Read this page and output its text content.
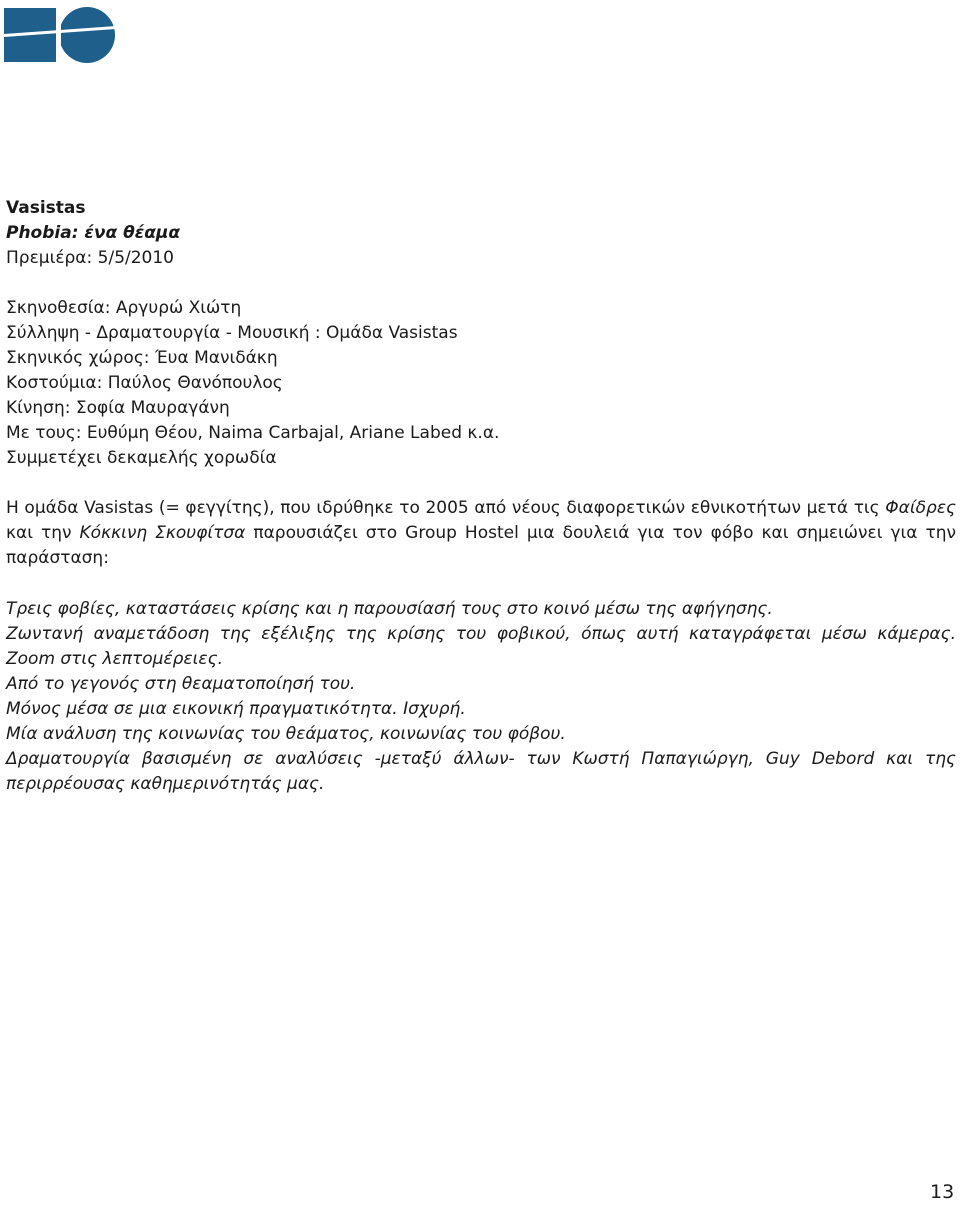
Vasistas
Phobia: ένα θέαμα
Πρεμιέρα: 5/5/2010
Σκηνοθεσία: Αργυρώ Χιώτη
Σύλληψη - Δραματουργία - Μουσική : Ομάδα Vasistas
Σκηνικός χώρος: Έυα Μανιδάκη
Κοστούμια: Παύλος Θανόπουλος
Κίνηση: Σοφία Μαυραγάνη
Με τους: Ευθύμη Θέου, Naima Carbajal, Ariane Labed κ.α.
Συμμετέχει δεκαμελής χορωδία
Η ομάδα Vasistas (= φεγγίτης), που ιδρύθηκε το 2005 από νέους διαφορετικών εθνικοτήτων μετά τις Φαίδρες και την Κόκκινη Σκουφίτσα παρουσιάζει στο Group Hostel μια δουλειά για τον φόβο και σημειώνει για την παράσταση:
Τρεις φοβίες, καταστάσεις κρίσης και η παρουσίασή τους στο κοινό μέσω της αφήγησης.
Ζωντανή αναμετάδοση της εξέλιξης της κρίσης του φοβικού, όπως αυτή καταγράφεται μέσω κάμερας.
Zoom στις λεπτομέρειες.
Από το γεγονός στη θεαματοποίησή του.
Μόνος μέσα σε μια εικονική πραγματικότητα. Ισχυρή.
Μία ανάλυση της κοινωνίας του θεάματος, κοινωνίας του φόβου.
Δραματουργία βασισμένη σε αναλύσεις -μεταξύ άλλων- των Κωστή Παπαγιώργη, Guy Debord και της περιρρέουσας καθημερινότητάς μας.
13
